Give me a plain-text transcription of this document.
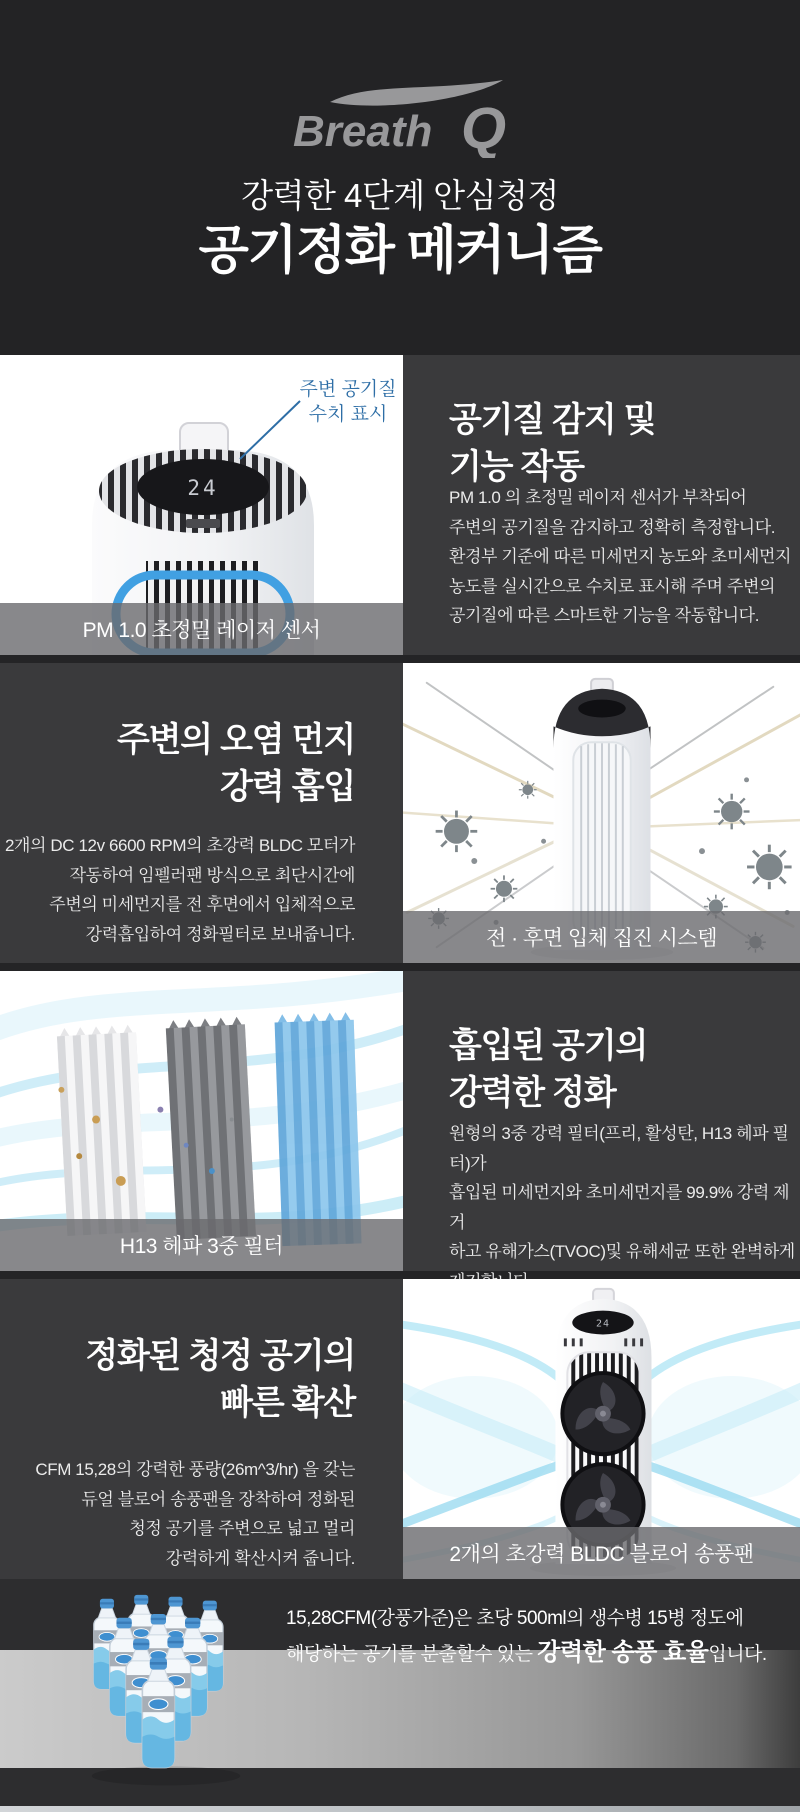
Breath Q
강력한 4단계 안심청정
공기정화 메커니즘
24
주변 공기질
수치 표시
PM 1.0 초정밀 레이저 센서
공기질 감지 및
기능 작동
PM 1.0 의 초정밀 레이저 센서가 부착되어
주변의 공기질을 감지하고 정확히 측정합니다.
환경부 기준에 따른 미세먼지 농도와 초미세먼지
농도를 실시간으로 수치로 표시해 주며 주변의
공기질에 따른 스마트한 기능을 작동합니다.
주변의 오염 먼지
강력 흡입
2개의 DC 12v 6600 RPM의 초강력 BLDC 모터가
작동하여 임펠러팬 방식으로 최단시간에
주변의 미세먼지를 전 후면에서 입체적으로
강력흡입하여 정화필터로 보내줍니다.	전 · 후면 입체 집진 시스템
H13 헤파 3중 필터
흡입된 공기의
강력한 정화
원형의 3중 강력 필터(프리, 활성탄, H13 헤파 필터)가
흡입된 미세먼지와 초미세먼지를 99.9% 강력 제거
하고 유해가스(TVOC)및 유해세균 또한 완벽하게
정화된 청정 공기의
빠른 확산
CFM 15,28의 강력한 풍량(26m^3/hr) 을 갖는
듀얼 블로어 송풍팬을 장착하여 정화된
청정 공기를 주변으로 넓고 멀리
강력하게 확산시켜 줍니다.
24
2개의 초강력 BLDC 블로어 송풍팬
15,28CFM(강풍가준)은 초당 500ml의 생수병 15병 정도에
해당하는 공기를 분출할수 있는 강력한 송풍 효율입니다.
